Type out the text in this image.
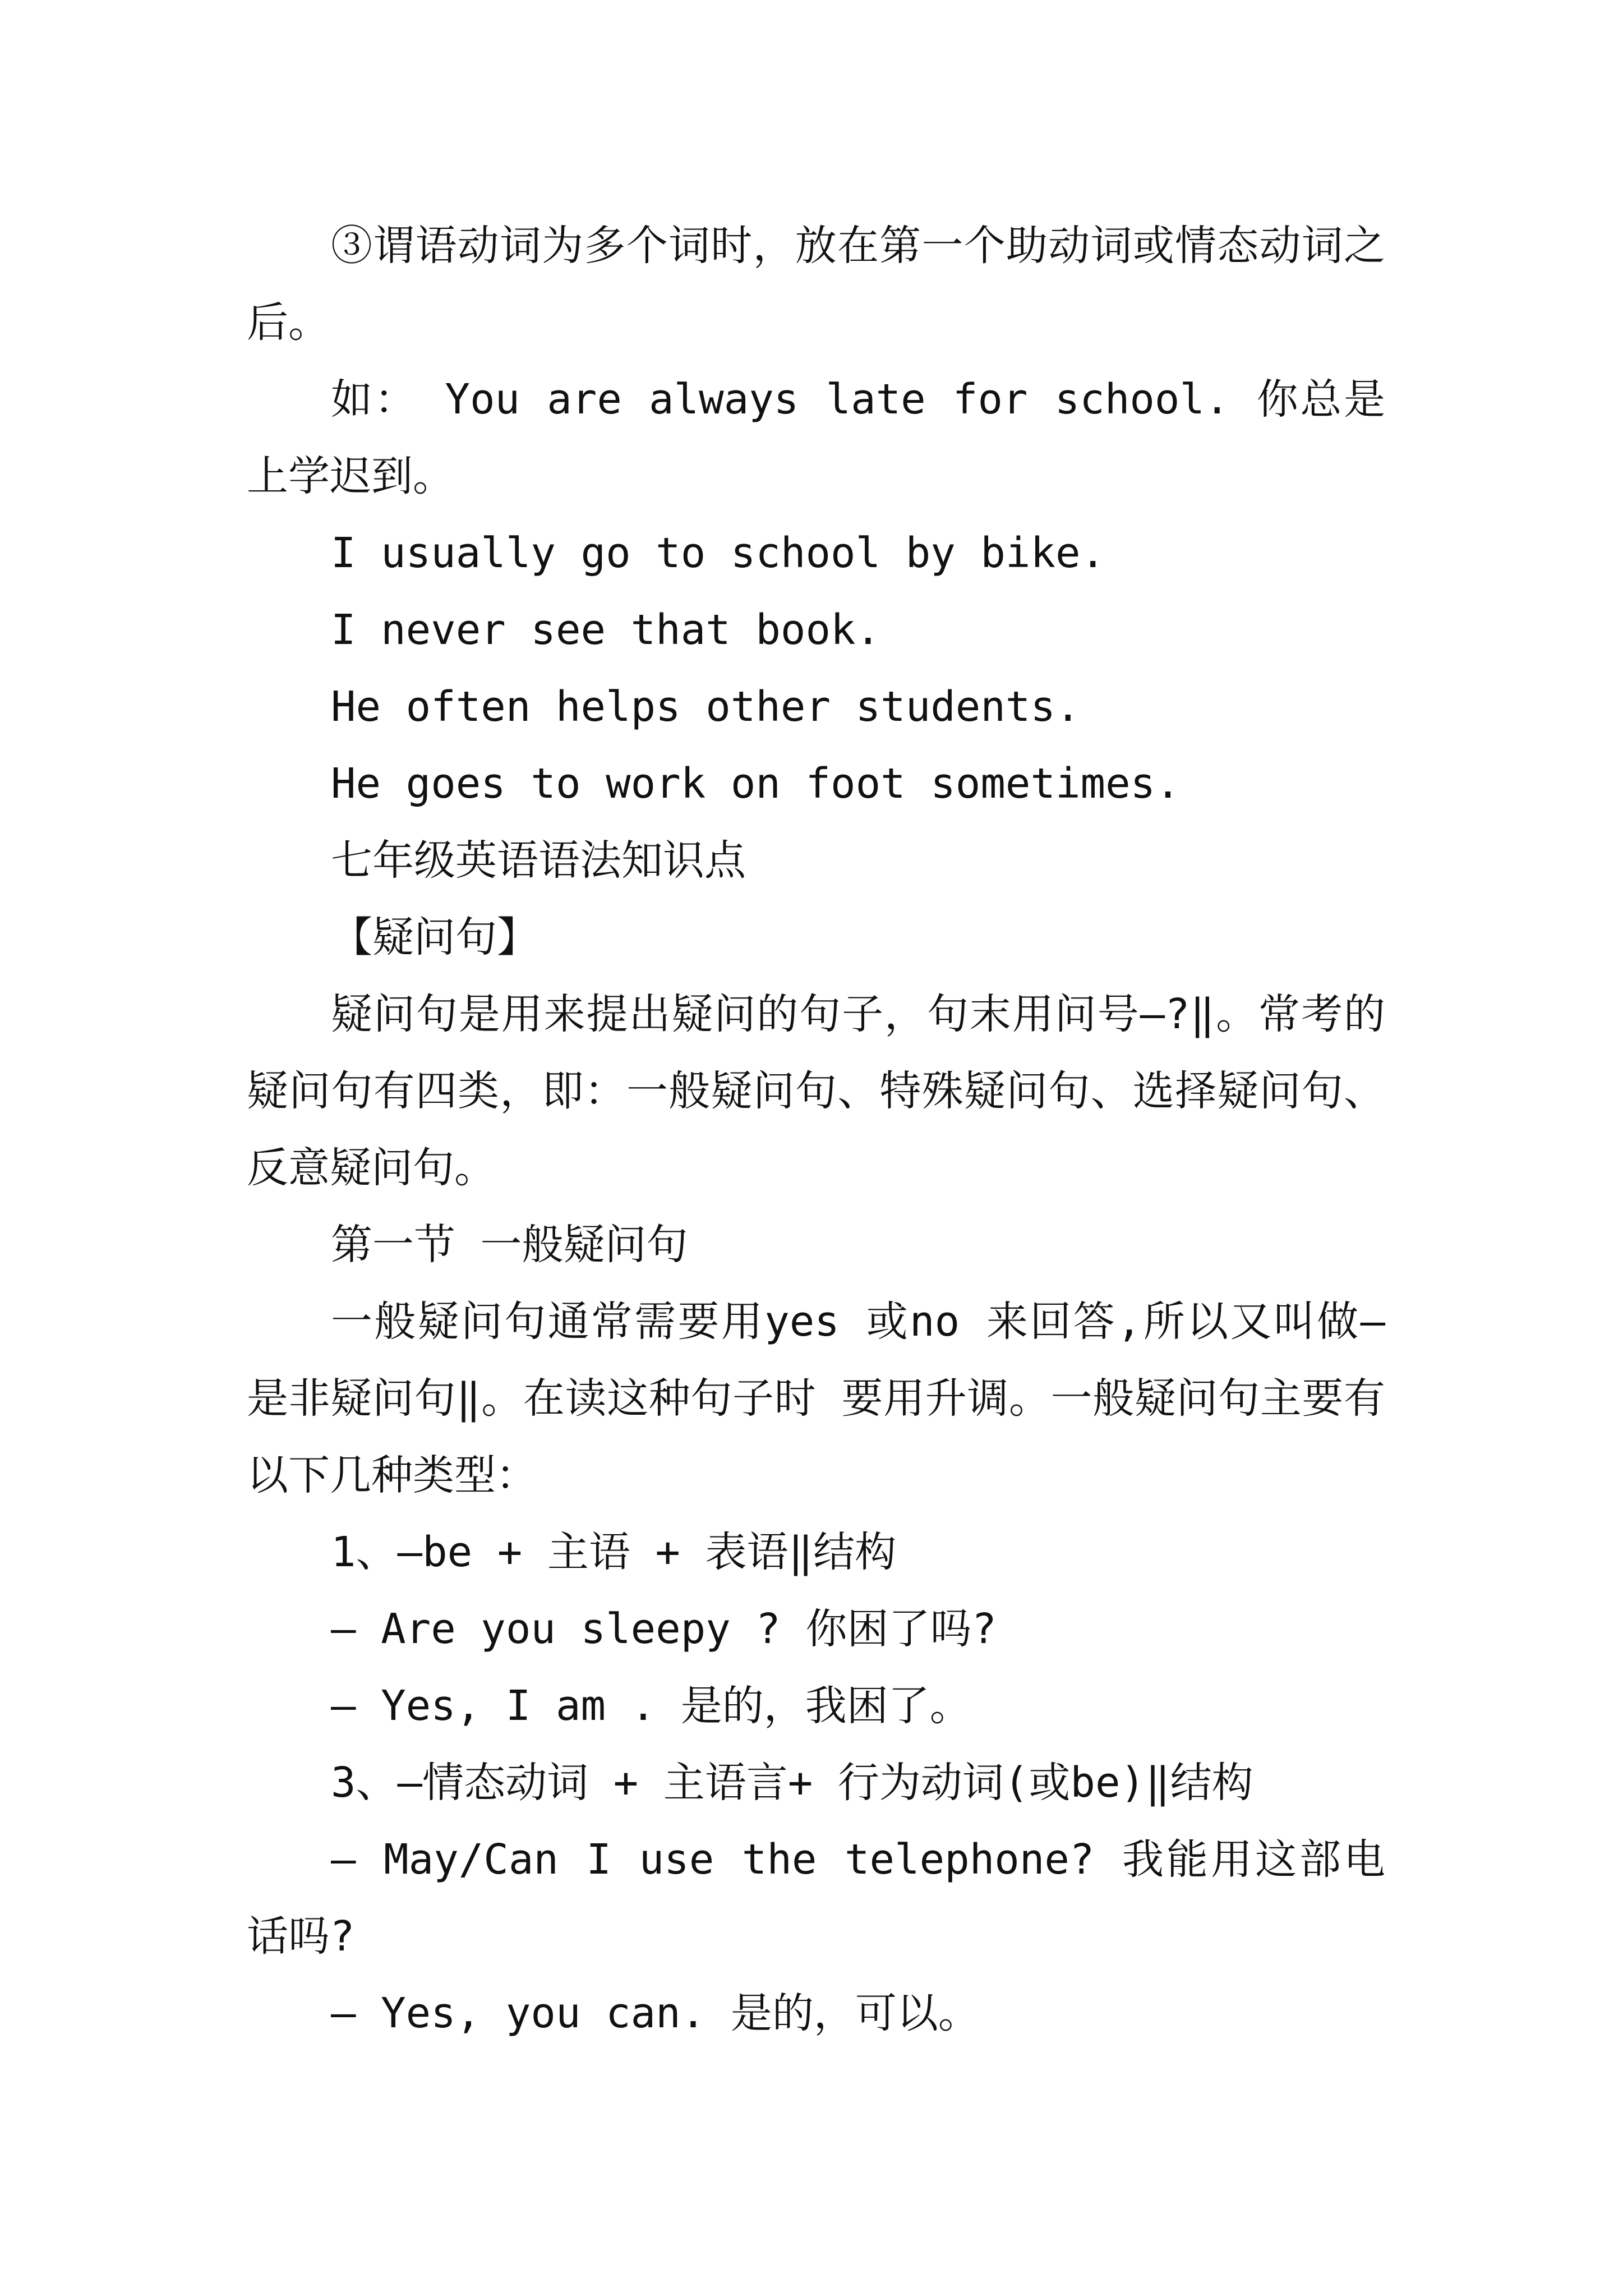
③谓语动词为多个词时，放在第一个助动词或情态动词之后。

如： You are always late for school. 你总是上学迟到。

I usually go to school by bike.

I never see that book.

He often helps other students.

He goes to work on foot sometimes.

七年级英语语法知识点

【疑问句】

疑问句是用来提出疑问的句子，句末用问号―?‖。常考的疑问句有四类，即：一般疑问句、特殊疑问句、选择疑问句、反意疑问句。

第一节 一般疑问句

一般疑问句通常需要用yes 或no 来回答,所以又叫做―是非疑问句‖。在读这种句子时 要用升调。一般疑问句主要有以下几种类型：

1、―be + 主语 + 表语‖结构

— Are you sleepy ? 你困了吗?

— Yes, I am . 是的，我困了。

3、―情态动词 + 主语言+ 行为动词(或be)‖结构

— May/Can I use the telephone? 我能用这部电话吗?

— Yes, you can. 是的，可以。
